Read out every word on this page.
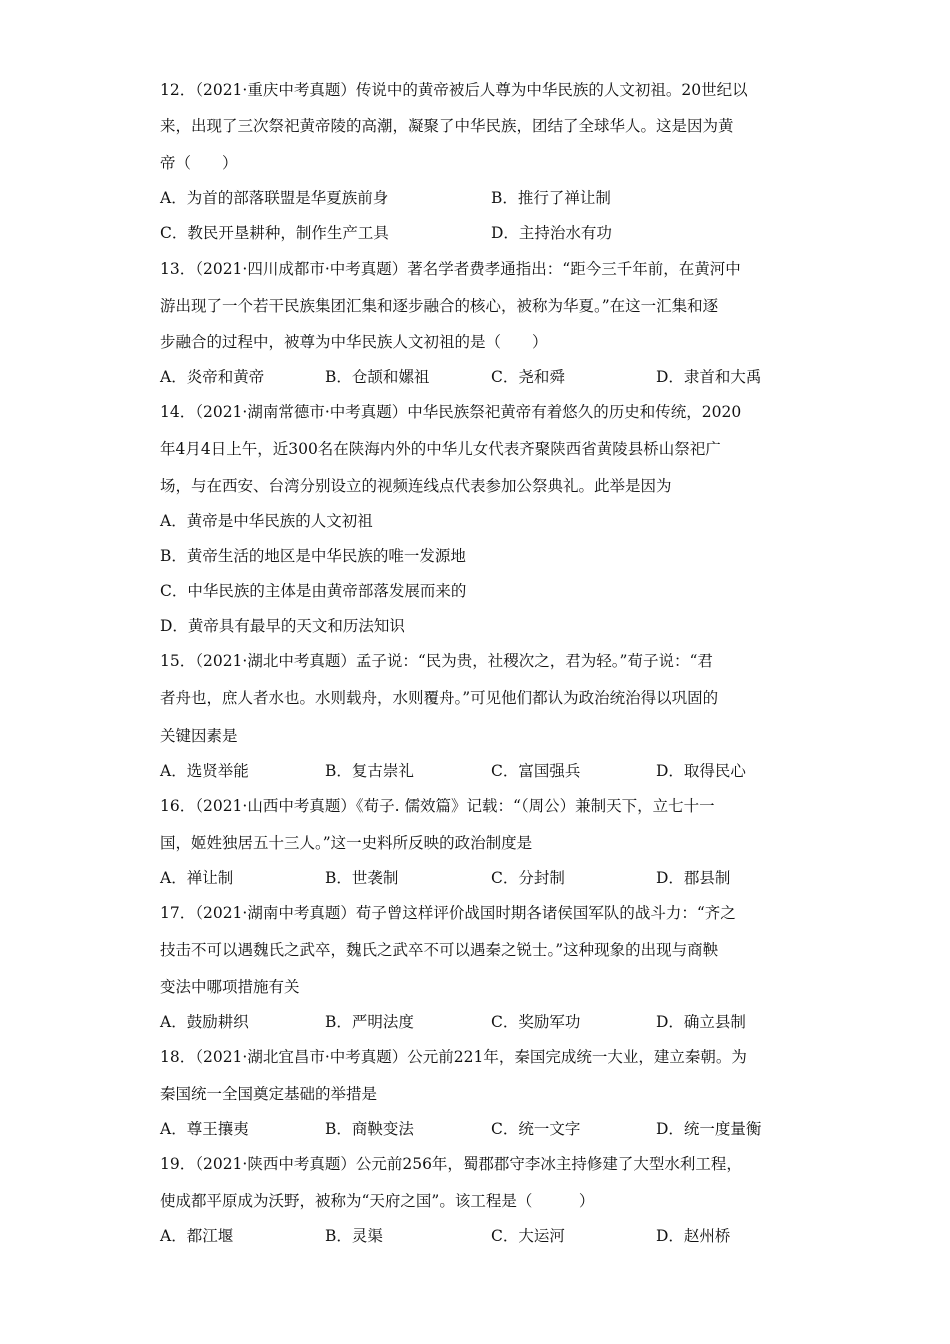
12．（2021·重庆中考真题）传说中的黄帝被后人尊为中华民族的人文初祖。20世纪以
来，出现了三次祭祀黄帝陵的高潮，凝聚了中华民族，团结了全球华人。这是因为黄
帝（　　）
A．为首的部落联盟是华夏族前身	B．推行了禅让制
C．教民开垦耕种，制作生产工具	D．主持治水有功
13．（2021·四川成都市·中考真题）著名学者费孝通指出：“距今三千年前，在黄河中
游出现了一个若干民族集团汇集和逐步融合的核心，被称为华夏。”在这一汇集和逐
步融合的过程中，被尊为中华民族人文初祖的是（　　）
A．炎帝和黄帝	B．仓颉和嫘祖	C．尧和舜	D．隶首和大禹
14．（2021·湖南常德市·中考真题）中华民族祭祀黄帝有着悠久的历史和传统，2020
年4月4日上午，近300名在陕海内外的中华儿女代表齐聚陕西省黄陵县桥山祭祀广
场，与在西安、台湾分别设立的视频连线点代表参加公祭典礼。此举是因为
A．黄帝是中华民族的人文初祖
B．黄帝生活的地区是中华民族的唯一发源地
C．中华民族的主体是由黄帝部落发展而来的
D．黄帝具有最早的天文和历法知识
15．（2021·湖北中考真题）孟子说：“民为贵，社稷次之，君为轻。”荀子说：“君
者舟也，庶人者水也。水则载舟，水则覆舟。”可见他们都认为政治统治得以巩固的
关键因素是
A．选贤举能	B．复古崇礼	C．富国强兵	D．取得民心
16．（2021·山西中考真题）《荀子. 儒效篇》记载：“（周公）兼制天下，立七十一
国，姬姓独居五十三人。”这一史料所反映的政治制度是
A．禅让制	B．世袭制	C．分封制	D．郡县制
17．（2021·湖南中考真题）荀子曾这样评价战国时期各诸侯国军队的战斗力：“齐之
技击不可以遇魏氏之武卒，魏氏之武卒不可以遇秦之锐士。”这种现象的出现与商鞅
变法中哪项措施有关
A．鼓励耕织	B．严明法度	C．奖励军功	D．确立县制
18．（2021·湖北宜昌市·中考真题）公元前221年，秦国完成统一大业，建立秦朝。为
秦国统一全国奠定基础的举措是
A．尊王攘夷	B．商鞅变法	C．统一文字	D．统一度量衡
19．（2021·陕西中考真题）公元前256年，蜀郡郡守李冰主持修建了大型水利工程，
使成都平原成为沃野，被称为“天府之国”。该工程是（　　　）
A．都江堰	B．灵渠	C．大运河	D．赵州桥
